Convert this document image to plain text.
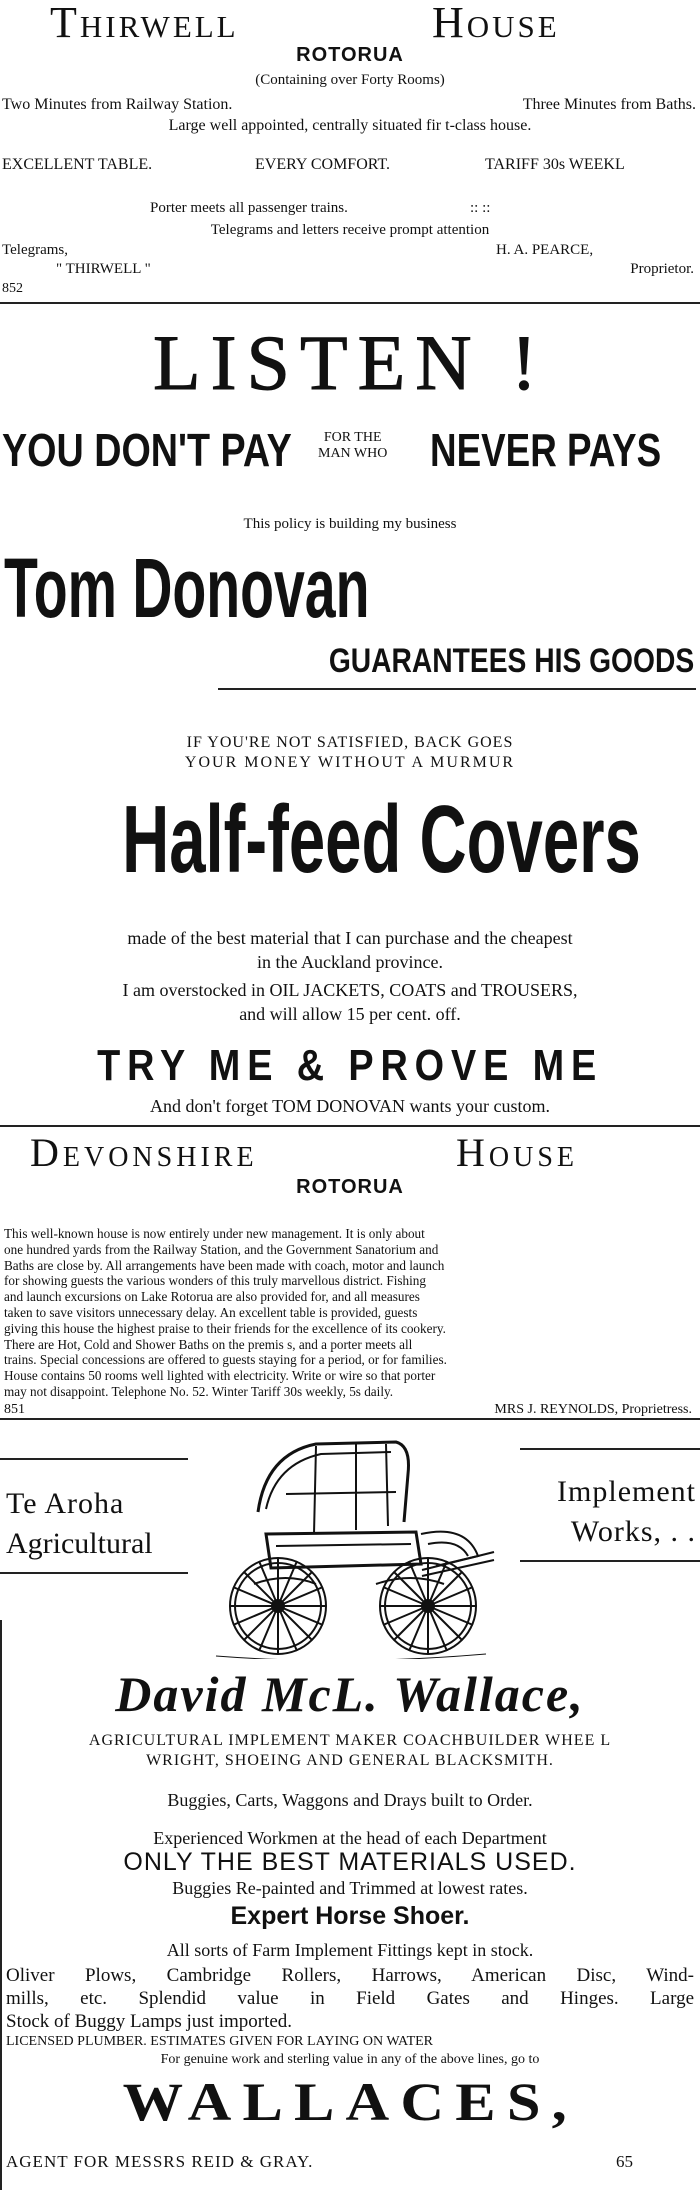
Thirwell	House
ROTORUA
(Containing over Forty Rooms)
Two Minutes from Railway Station.	Three Minutes from Baths.
Large well appointed, centrally situated fir t-class house.
EXCELLENT TABLE.	EVERY COMFORT.	TARIFF 30s WEEKL
Porter meets all passenger trains.	:: ::
Telegrams and letters receive prompt attention
Telegrams,	H. A. PEARCE,
" THIRWELL "	Proprietor.
852
LISTEN !
YOU DON'T PAY	FOR THE
MAN WHO NEVER PAYS
This policy is building my business
Tom Donovan
GUARANTEES HIS GOODS
IF YOU'RE NOT SATISFIED, BACK GOES
YOUR MONEY WITHOUT A MURMUR
Half-feed Covers
made of the best material that I can purchase and the cheapest
in the Auckland province.
I am overstocked in OIL JACKETS, COATS and TROUSERS,
and will allow 15 per cent. off.
TRY ME & PROVE ME
And don't forget TOM DONOVAN wants your custom.
Devonshire	House
ROTORUA
This well-known house is now entirely under new management. It is only about
one hundred yards from the Railway Station, and the Government Sanatorium and
Baths are close by. All arrangements have been made with coach, motor and launch
for showing guests the various wonders of this truly marvellous district. Fishing
and launch excursions on Lake Rotorua are also provided for, and all measures
taken to save visitors unnecessary delay. An excellent table is provided, guests
giving this house the highest praise to their friends for the excellence of its cookery.
There are Hot, Cold and Shower Baths on the premis s, and a porter meets all
trains. Special concessions are offered to guests staying for a period, or for families.
House contains 50 rooms well lighted with electricity. Write or wire so that porter
may not disappoint. Telephone No. 52. Winter Tariff 30s weekly, 5s daily.
851	MRS J. REYNOLDS, Proprietress.
Te Aroha
Agricultural
Implement
Works, . .
David McL. Wallace,
AGRICULTURAL IMPLEMENT MAKER COACHBUILDER WHEE L
WRIGHT, SHOEING AND GENERAL BLACKSMITH.
Buggies, Carts, Waggons and Drays built to Order.
Experienced Workmen at the head of each Department
ONLY THE BEST MATERIALS USED.
Buggies Re-painted and Trimmed at lowest rates.
Expert Horse Shoer.
All sorts of Farm Implement Fittings kept in stock.
Oliver Plows, Cambridge Rollers, Harrows, American Disc, Wind-
mills, etc. Splendid value in Field Gates and Hinges. Large
Stock of Buggy Lamps just imported.
LICENSED PLUMBER. ESTIMATES GIVEN FOR LAYING ON WATER
For genuine work and sterling value in any of the above lines, go to
WALLACES,
AGENT FOR MESSRS REID & GRAY.	65
